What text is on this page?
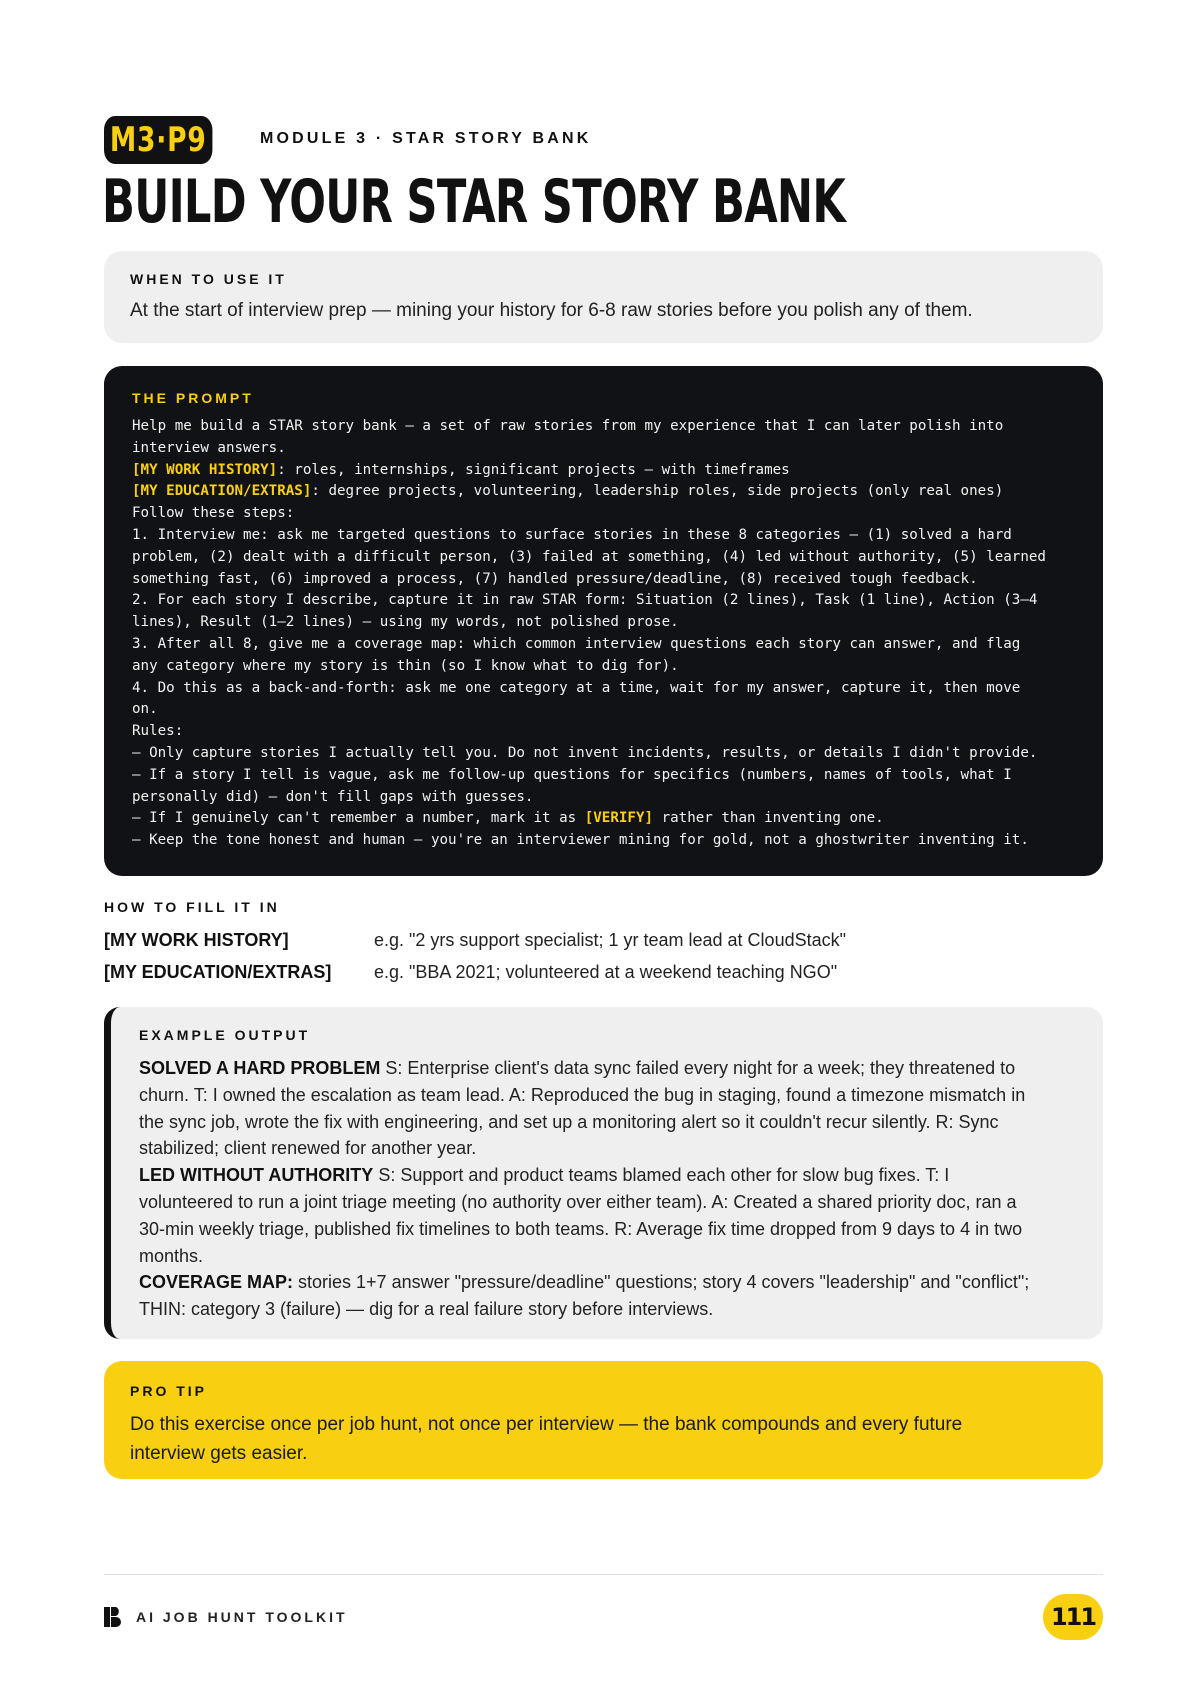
M3·P9	MODULE 3 · STAR STORY BANK
BUILD YOUR STAR STORY BANK
WHEN TO USE IT
At the start of interview prep — mining your history for 6-8 raw stories before you polish any of them.
THE PROMPT
Help me build a STAR story bank – a set of raw stories from my experience that I can later polish into
interview answers.
[MY WORK HISTORY]: roles, internships, significant projects – with timeframes
[MY EDUCATION/EXTRAS]: degree projects, volunteering, leadership roles, side projects (only real ones)
Follow these steps:
1. Interview me: ask me targeted questions to surface stories in these 8 categories – (1) solved a hard
problem, (2) dealt with a difficult person, (3) failed at something, (4) led without authority, (5) learned
something fast, (6) improved a process, (7) handled pressure/deadline, (8) received tough feedback.
2. For each story I describe, capture it in raw STAR form: Situation (2 lines), Task (1 line), Action (3–4
lines), Result (1–2 lines) – using my words, not polished prose.
3. After all 8, give me a coverage map: which common interview questions each story can answer, and flag
any category where my story is thin (so I know what to dig for).
4. Do this as a back-and-forth: ask me one category at a time, wait for my answer, capture it, then move
on.
Rules:
– Only capture stories I actually tell you. Do not invent incidents, results, or details I didn't provide.
– If a story I tell is vague, ask me follow-up questions for specifics (numbers, names of tools, what I
personally did) – don't fill gaps with guesses.
– If I genuinely can't remember a number, mark it as [VERIFY] rather than inventing one.
– Keep the tone honest and human – you're an interviewer mining for gold, not a ghostwriter inventing it.
HOW TO FILL IT IN
[MY WORK HISTORY]	e.g. "2 yrs support specialist; 1 yr team lead at CloudStack"
[MY EDUCATION/EXTRAS] e.g. "BBA 2021; volunteered at a weekend teaching NGO"
EXAMPLE OUTPUT
SOLVED A HARD PROBLEM S: Enterprise client's data sync failed every night for a week; they threatened to
churn. T: I owned the escalation as team lead. A: Reproduced the bug in staging, found a timezone mismatch in
the sync job, wrote the fix with engineering, and set up a monitoring alert so it couldn't recur silently. R: Sync
stabilized; client renewed for another year.
LED WITHOUT AUTHORITY S: Support and product teams blamed each other for slow bug fixes. T: I
volunteered to run a joint triage meeting (no authority over either team). A: Created a shared priority doc, ran a
30-min weekly triage, published fix timelines to both teams. R: Average fix time dropped from 9 days to 4 in two
months.
COVERAGE MAP: stories 1+7 answer "pressure/deadline" questions; story 4 covers "leadership" and "conflict";
THIN: category 3 (failure) — dig for a real failure story before interviews.
PRO TIP
Do this exercise once per job hunt, not once per interview — the bank compounds and every future
interview gets easier.
AI JOB HUNT TOOLKIT	111
